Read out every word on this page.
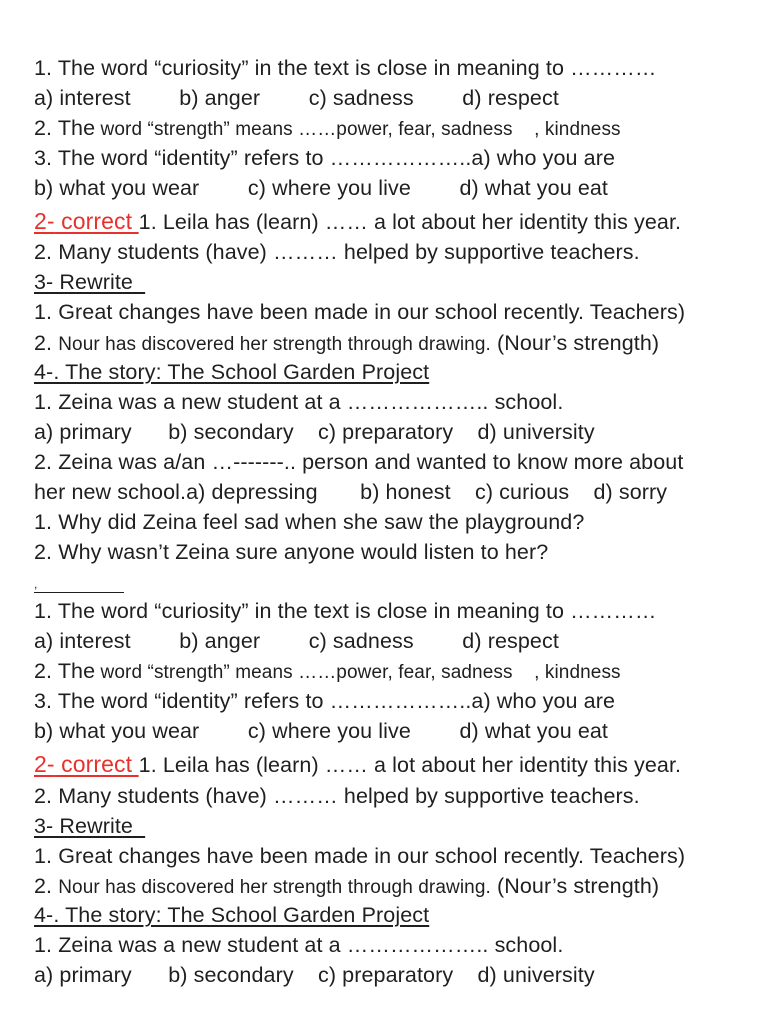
1. The word “curiosity” in the text is close in meaning to …………
a) interest        b) anger        c) sadness        d) respect
2. The word “strength” means ……power, fear, sadness    , kindness
3. The word “identity” refers to ………………..a) who you are
b) what you wear        c) where you live        d) what you eat
2- correct 1. Leila has (learn) …… a lot about her identity this year.
2. Many students (have) ……… helped by supportive teachers.
3- Rewrite
1. Great changes have been made in our school recently. Teachers)
2. Nour has discovered her strength through drawing. (Nour’s strength)
4-. The story: The School Garden Project
1. Zeina was a new student at a ……………….. school.
a) primary      b) secondary    c) preparatory    d) university
2. Zeina was a/an …-------.. person and wanted to know more about
her new school.a) depressing       b) honest    c) curious    d) sorry
1. Why did Zeina feel sad when she saw the playground?
2. Why wasn’t Zeina sure anyone would listen to her?
,
1. The word “curiosity” in the text is close in meaning to …………
a) interest        b) anger        c) sadness        d) respect
2. The word “strength” means ……power, fear, sadness    , kindness
3. The word “identity” refers to ………………..a) who you are
b) what you wear        c) where you live        d) what you eat
2- correct 1. Leila has (learn) …… a lot about her identity this year.
2. Many students (have) ……… helped by supportive teachers.
3- Rewrite
1. Great changes have been made in our school recently. Teachers)
2. Nour has discovered her strength through drawing. (Nour’s strength)
4-. The story: The School Garden Project
1. Zeina was a new student at a ……………….. school.
a) primary      b) secondary    c) preparatory    d) university
